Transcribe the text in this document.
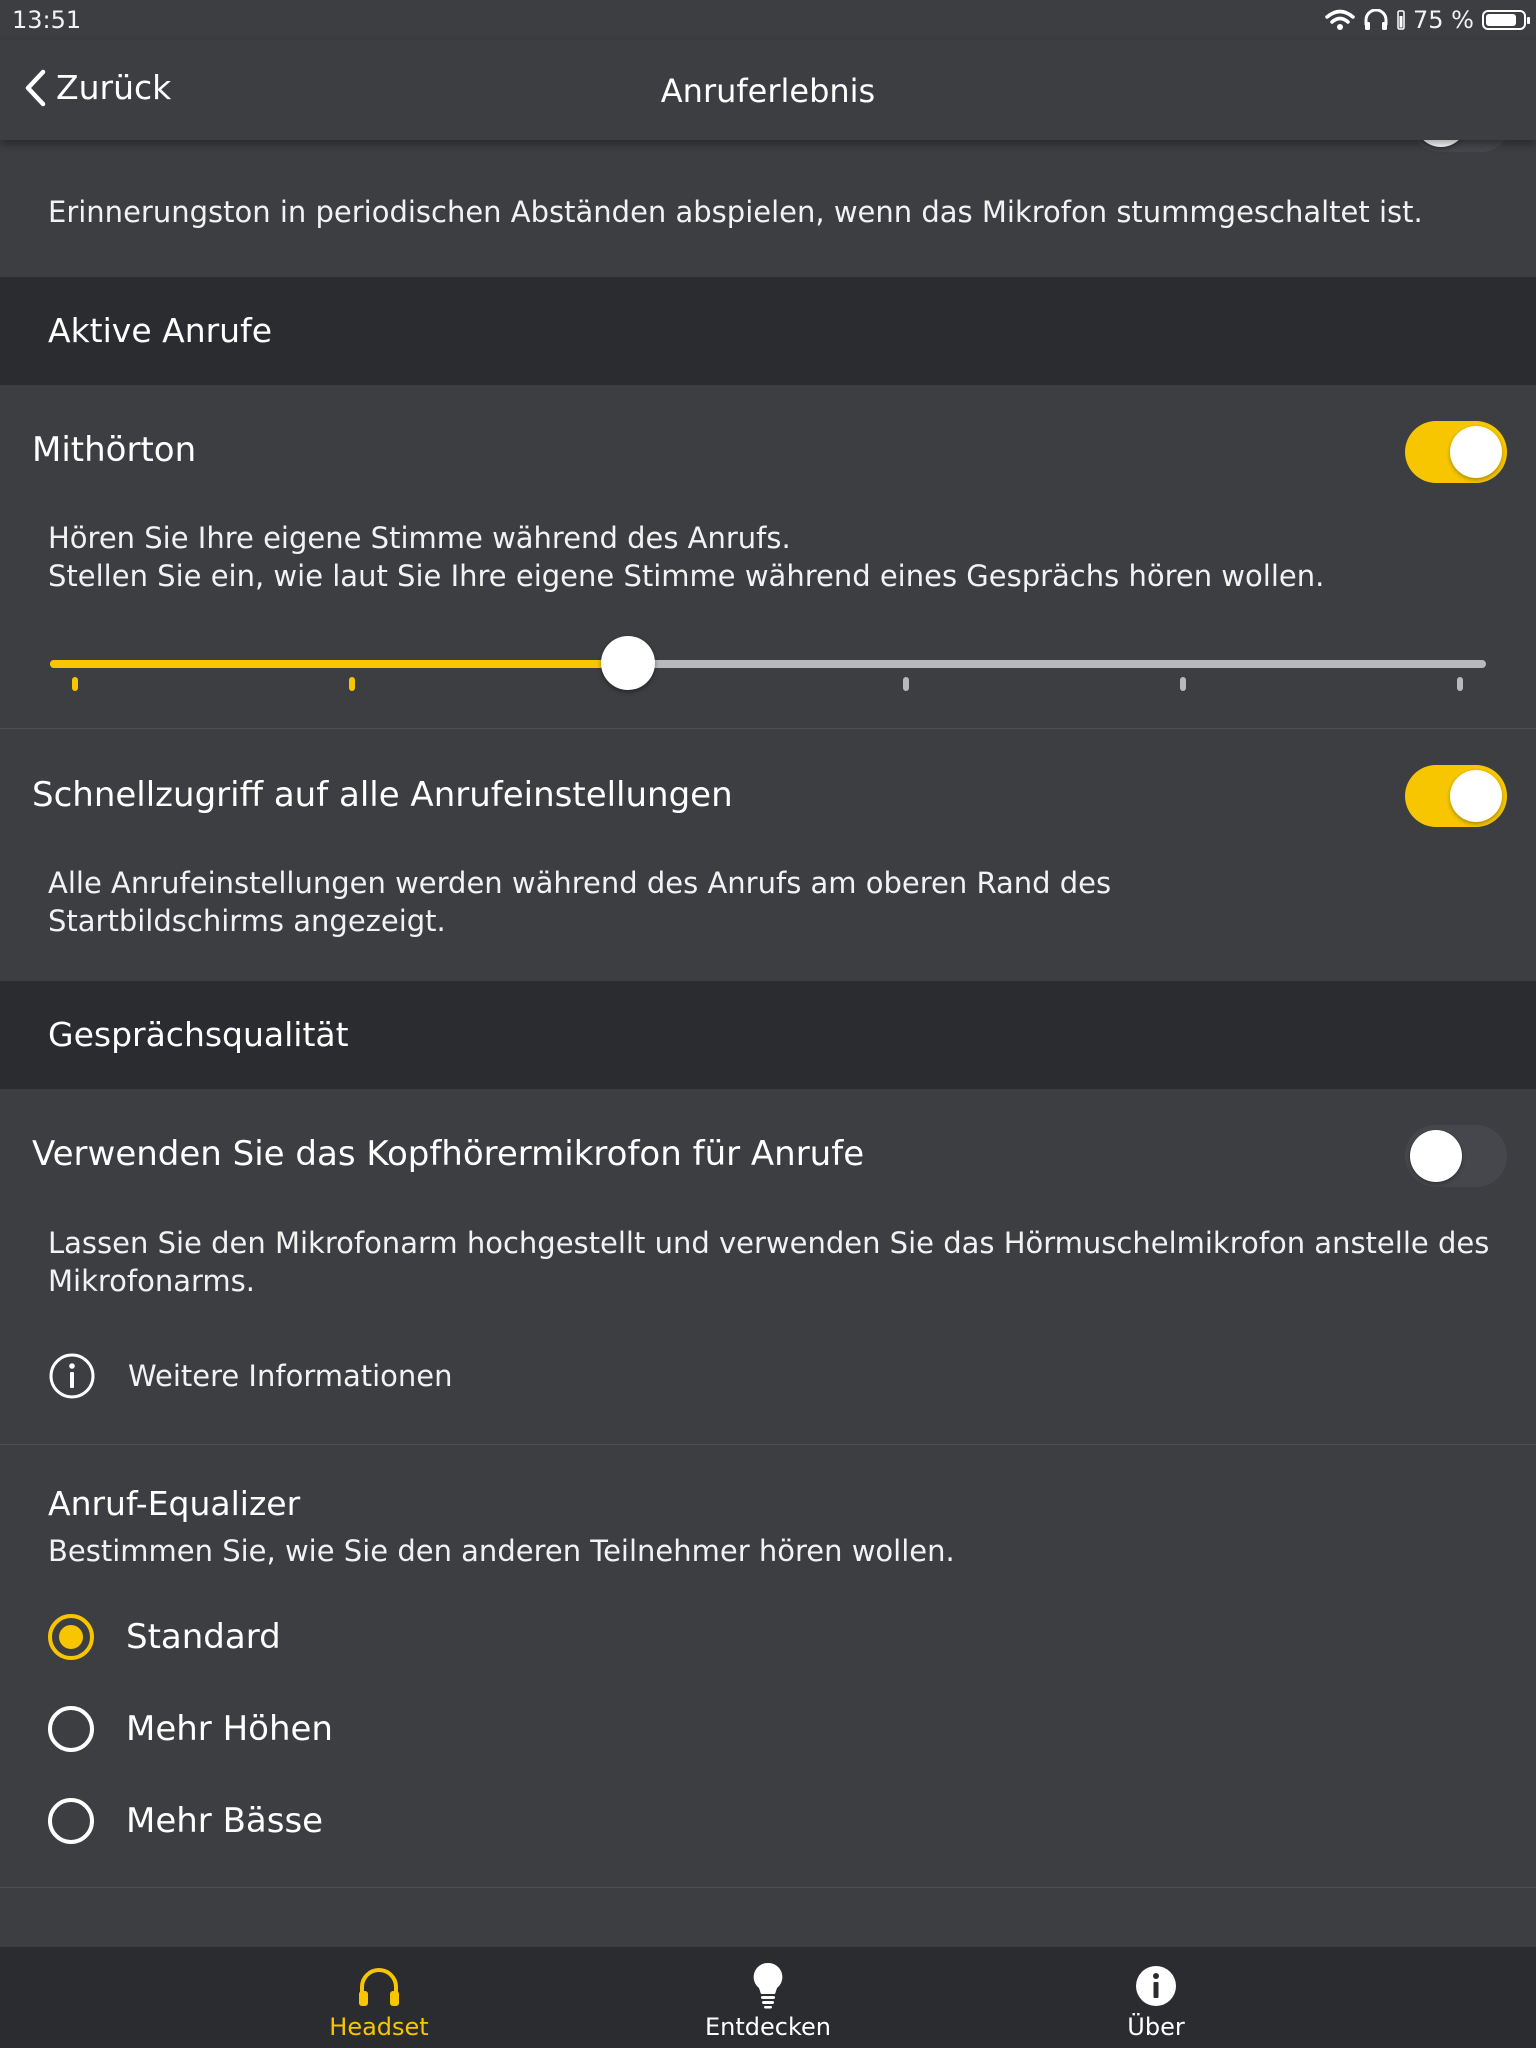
13:51	75 %
Zurück	Anruferlebnis
Erinnerungston in periodischen Abständen abspielen, wenn das Mikrofon stummgeschaltet ist.
Aktive Anrufe
Mithörton
Hören Sie Ihre eigene Stimme während des Anrufs.
Stellen Sie ein, wie laut Sie Ihre eigene Stimme während eines Gesprächs hören wollen.
Schnellzugriff auf alle Anrufeinstellungen
Alle Anrufeinstellungen werden während des Anrufs am oberen Rand des
Startbildschirms angezeigt.
Gesprächsqualität
Verwenden Sie das Kopfhörermikrofon für Anrufe
Lassen Sie den Mikrofonarm hochgestellt und verwenden Sie das Hörmuschelmikrofon anstelle des
Mikrofonarms.
Weitere Informationen
Anruf-Equalizer
Bestimmen Sie, wie Sie den anderen Teilnehmer hören wollen.
Standard
Mehr Höhen
Mehr Bässe
Headset	Entdecken	Über
